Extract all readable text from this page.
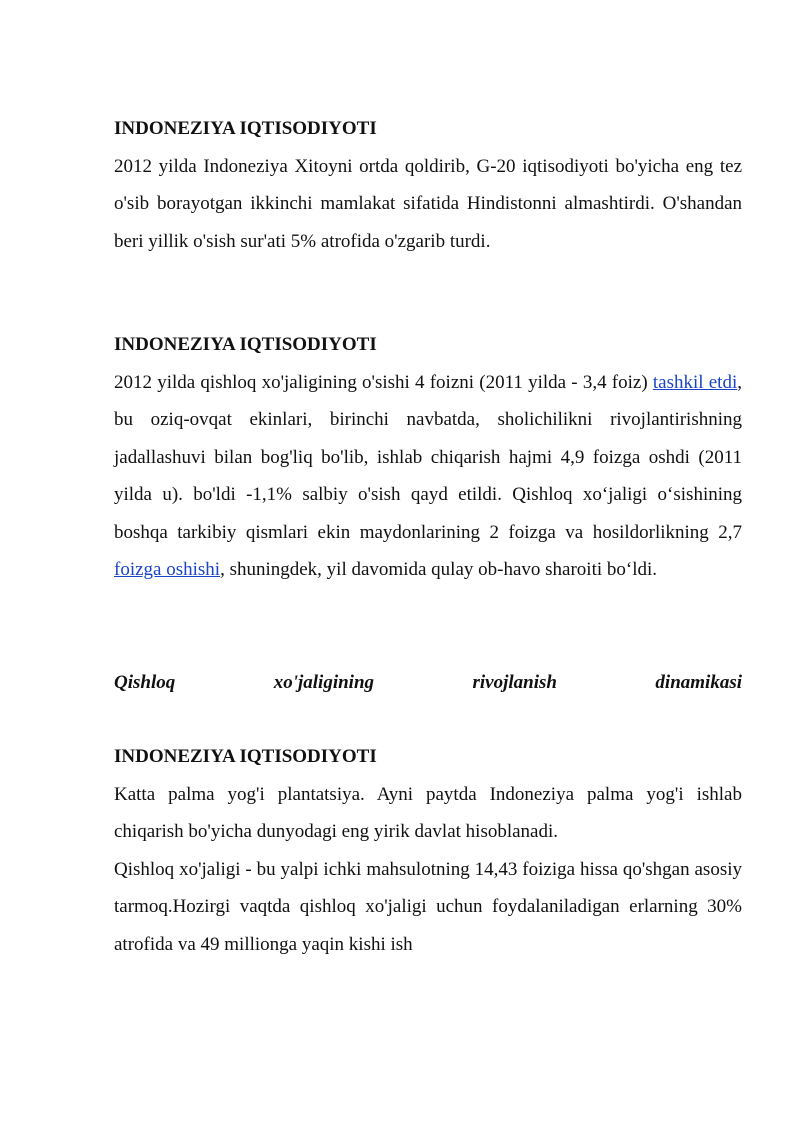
INDONEZIYA IQTISODIYOTI

2012 yilda Indoneziya Xitoyni ortda qoldirib, G-20 iqtisodiyoti bo'yicha eng tez o'sib borayotgan ikkinchi mamlakat sifatida Hindistonni almashtirdi. O'shandan beri yillik o'sish sur'ati 5% atrofida o'zgarib turdi.

INDONEZIYA IQTISODIYOTI

2012 yilda qishloq xo'jaligining o'sishi 4 foizni (2011 yilda - 3,4 foiz) tashkil etdi, bu oziq-ovqat ekinlari, birinchi navbatda, sholichilikni rivojlantirishning jadallashuvi bilan bog'liq bo'lib, ishlab chiqarish hajmi 4,9 foizga oshdi (2011 yilda u). bo'ldi -1,1% salbiy o'sish qayd etildi. Qishloq xoʻjaligi oʻsishining boshqa tarkibiy qismlari ekin maydonlarining 2 foizga va hosildorlikning 2,7 foizga oshishi, shuningdek, yil davomida qulay ob-havo sharoiti boʻldi.

Qishloq xo'jaligining rivojlanish dinamikasi

INDONEZIYA IQTISODIYOTI

Katta palma yog'i plantatsiya. Ayni paytda Indoneziya palma yog'i ishlab chiqarish bo'yicha dunyodagi eng yirik davlat hisoblanadi.

Qishloq xo'jaligi - bu yalpi ichki mahsulotning 14,43 foiziga hissa qo'shgan asosiy tarmoq.Hozirgi vaqtda qishloq xo'jaligi uchun foydalaniladigan erlarning 30% atrofida va 49 millionga yaqin kishi ish
